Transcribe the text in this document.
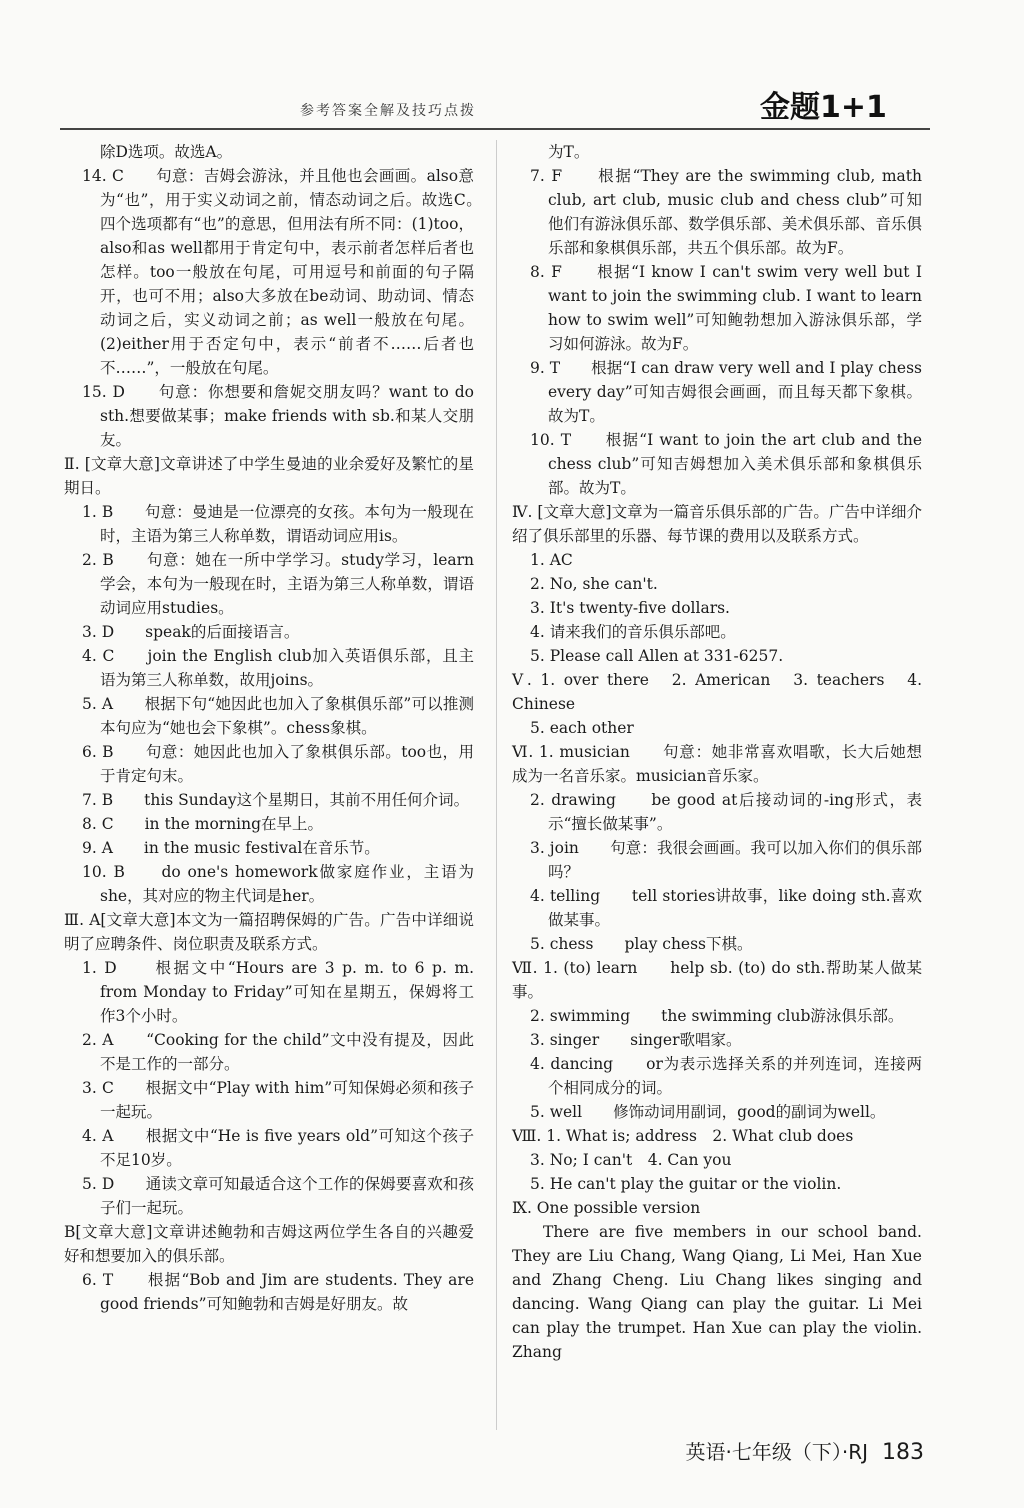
参考答案全解及技巧点拨	金题1+1

除D选项。故选A。

14. C　　句意：吉姆会游泳，并且他也会画画。also意为“也”，用于实义动词之前，情态动词之后。故选C。　四个选项都有“也”的意思，但用法有所不同：(1)too，also和as well都用于肯定句中，表示前者怎样后者也怎样。too一般放在句尾，可用逗号和前面的句子隔开，也可不用；also大多放在be动词、助动词、情态动词之后，实义动词之前；as well一般放在句尾。(2)either用于否定句中，表示“前者不……后者也不……”，一般放在句尾。

15. D　　句意：你想要和詹妮交朋友吗？want to do sth.想要做某事；make friends with sb.和某人交朋友。

Ⅱ. [文章大意]文章讲述了中学生曼迪的业余爱好及繁忙的星期日。

1. B　　句意：曼迪是一位漂亮的女孩。本句为一般现在时，主语为第三人称单数，谓语动词应用is。

2. B　　句意：她在一所中学学习。study学习，learn学会，本句为一般现在时，主语为第三人称单数，谓语动词应用studies。

3. D　　speak的后面接语言。

4. C　　join the English club加入英语俱乐部，且主语为第三人称单数，故用joins。

5. A　　根据下句“她因此也加入了象棋俱乐部”可以推测本句应为“她也会下象棋”。chess象棋。

6. B　　句意：她因此也加入了象棋俱乐部。too也，用于肯定句末。

7. B　　this Sunday这个星期日，其前不用任何介词。

8. C　　in the morning在早上。

9. A　　in the music festival在音乐节。

10. B　　do one's homework做家庭作业，主语为she，其对应的物主代词是her。

Ⅲ. A[文章大意]本文为一篇招聘保姆的广告。广告中详细说明了应聘条件、岗位职责及联系方式。

1. D　　根据文中“Hours are 3 p. m. to 6 p. m. from Monday to Friday”可知在星期五，保姆将工作3个小时。

2. A　　“Cooking for the child”文中没有提及，因此不是工作的一部分。

3. C　　根据文中“Play with him”可知保姆必须和孩子一起玩。

4. A　　根据文中“He is five years old”可知这个孩子不足10岁。

5. D　　通读文章可知最适合这个工作的保姆要喜欢和孩子们一起玩。

B[文章大意]文章讲述鲍勃和吉姆这两位学生各自的兴趣爱好和想要加入的俱乐部。

6. T　　根据“Bob and Jim are students. They are good friends”可知鲍勃和吉姆是好朋友。故

为T。

7. F　　根据“They are the swimming club, math club, art club, music club and chess club”可知他们有游泳俱乐部、数学俱乐部、美术俱乐部、音乐俱乐部和象棋俱乐部，共五个俱乐部。故为F。

8. F　　根据“I know I can't swim very well but I want to join the swimming club. I want to learn how to swim well”可知鲍勃想加入游泳俱乐部，学习如何游泳。故为F。

9. T　　根据“I can draw very well and I play chess every day”可知吉姆很会画画，而且每天都下象棋。故为T。

10. T　　根据“I want to join the art club and the chess club”可知吉姆想加入美术俱乐部和象棋俱乐部。故为T。

Ⅳ. [文章大意]文章为一篇音乐俱乐部的广告。广告中详细介绍了俱乐部里的乐器、每节课的费用以及联系方式。

1. AC

2. No, she can't.

3. It's twenty-five dollars.

4. 请来我们的音乐俱乐部吧。

5. Please call Allen at 331-6257.

Ⅴ. 1. over there　2. American　3. teachers　4. Chinese

5. each other

Ⅵ. 1. musician　　句意：她非常喜欢唱歌，长大后她想成为一名音乐家。musician音乐家。

2. drawing　　be good at后接动词的-ing形式，表示“擅长做某事”。

3. join　　句意：我很会画画。我可以加入你们的俱乐部吗？

4. telling　　tell stories讲故事，like doing sth.喜欢做某事。

5. chess　　play chess下棋。

Ⅶ. 1. (to) learn　　help sb. (to) do sth.帮助某人做某事。

2. swimming　　the swimming club游泳俱乐部。

3. singer　　singer歌唱家。

4. dancing　　or为表示选择关系的并列连词，连接两个相同成分的词。

5. well　　修饰动词用副词，good的副词为well。

Ⅷ. 1. What is; address　2. What club does

3. No; I can't　4. Can you

5. He can't play the guitar or the violin.

Ⅸ. One possible version

There are five members in our school band. They are Liu Chang, Wang Qiang, Li Mei, Han Xue and Zhang Cheng. Liu Chang likes singing and dancing. Wang Qiang can play the guitar. Li Mei can play the trumpet. Han Xue can play the violin. Zhang

英语·七年级（下）·RJ 183
